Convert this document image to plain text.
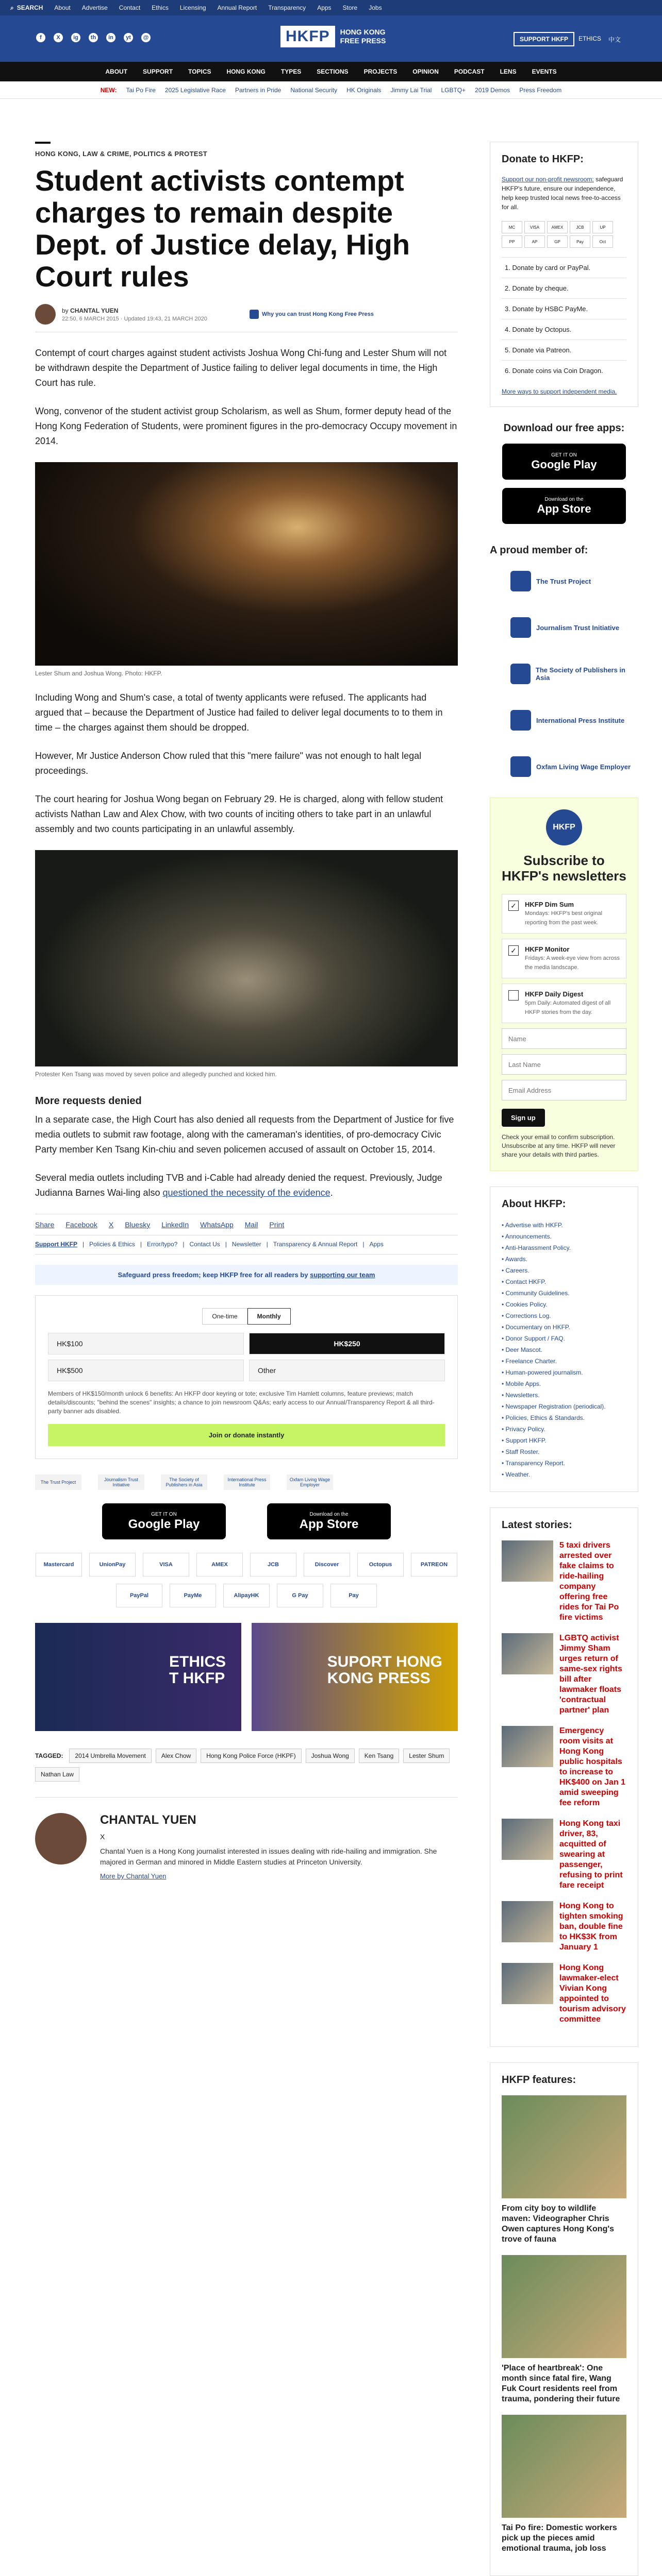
⌕ SEARCH About Advertise Contact Ethics Licensing Annual Report Transparency Apps Store Jobs
f	X	ig	th	in	yt	@	HKFP	HONG KONG
FREE PRESS	SUPPORT HKFP	ETHICS 中文
ABOUT	SUPPORT	TOPICS	HONG KONG	TYPES	SECTIONS	PROJECTS	OPINION	PODCAST	LENS	EVENTS
NEW: Tai Po Fire 2025 Legislative Race Partners in Pride National Security HK Originals Jimmy Lai Trial LGBTQ+ 2019 Demos Press Freedom
HONG KONG, LAW & CRIME, POLITICS & PROTEST
Student activists contempt charges to remain despite Dept. of Justice delay, High Court rules
by CHANTAL YUEN
22:50, 6 MARCH 2015 · Updated 19:43, 21 MARCH 2020
Why you can trust Hong Kong Free Press

Contempt of court charges against student activists Joshua Wong Chi-fung and Lester Shum will not be withdrawn despite the Department of Justice failing to deliver legal documents in time, the High Court has rule.

Wong, convenor of the student activist group Scholarism, as well as Shum, former deputy head of the Hong Kong Federation of Students, were prominent figures in the pro-democracy Occupy movement in 2014.

Lester Shum and Joshua Wong. Photo: HKFP.

Including Wong and Shum's case, a total of twenty applicants were refused. The applicants had argued that – because the Department of Justice had failed to deliver legal documents to to them in time – the charges against them should be dropped.

However, Mr Justice Anderson Chow ruled that this "mere failure" was not enough to halt legal proceedings.

The court hearing for Joshua Wong began on February 29. He is charged, along with fellow student activists Nathan Law and Alex Chow, with two counts of inciting others to take part in an unlawful assembly and two counts participating in an unlawful assembly.

Protester Ken Tsang was moved by seven police and allegedly punched and kicked him.
More requests denied

In a separate case, the High Court has also denied all requests from the Department of Justice for five media outlets to submit raw footage, along with the cameraman's identities, of pro-democracy Civic Party member Ken Tsang Kin-chiu and seven policemen accused of assault on October 15, 2014.

Several media outlets including TVB and i-Cable had already denied the request. Previously, Judge Judianna Barnes Wai-ling also questioned the necessity of the evidence.

Share Facebook X Bluesky LinkedIn WhatsApp Mail Print
Support HKFP | Policies & Ethics | Error/typo? | Contact Us | Newsletter | Transparency & Annual Report | Apps
Safeguard press freedom; keep HKFP free for all readers by supporting our team
One-time	Monthly
HK$100	HK$250
HK$500	Other
Members of HK$150/month unlock 6 benefits: An HKFP door keyring or tote; exclusive Tim Hamlett columns, feature previews; match details/discounts; "behind the scenes" insights; a chance to join newsroom Q&As; early access to our Annual/Transparency Report & all third-party banner ads disabled.
Join or donate instantly
The Trust Project	Journalism Trust Initiative
The Society of Publishers in Asia
International Press Institute
Oxfam Living Wage Employer
GET IT ON
Google Play
Download on the
App Store
Mastercard	UnionPay	VISA	AMEX	JCB	Discover	Octopus	PATREON
PayPal	PayMe	AlipayHK	G Pay	Pay
ETHICS
T HKFP
SUPORT HONG
KONG PRESS
TAGGED:	2014 Umbrella Movement	Alex Chow	Hong Kong Police Force (HKPF)	Joshua Wong	Ken Tsang	Lester Shum
Nathan Law
CHANTAL YUEN
X

Chantal Yuen is a Hong Kong journalist interested in issues dealing with ride-hailing and immigration. She majored in German and minored in Middle Eastern studies at Princeton University.

More by Chantal Yuen
Donate to HKFP:
Support our non-profit newsroom: safeguard HKFP's future, ensure our independence, help keep trusted local news free-to-access for all.
MC	VISA	AMEX	JCB	UP
PP	AP	GP	Pay	Oct
1. Donate by card or PayPal.
2. Donate by cheque.
3. Donate by HSBC PayMe.
4. Donate by Octopus.
5. Donate via Patreon.
6. Donate coins via Coin Dragon.
More ways to support independent media.
Download our free apps:
GET IT ON
Google Play
Download on the
App Store
A proud member of:
The Trust Project
Journalism Trust Initiative
The Society of Publishers in Asia
International Press Institute
Oxfam Living Wage Employer
HKFP
Subscribe to HKFP's newsletters
✓	HKFP Dim Sum
Mondays: HKFP's best original reporting from the past week.
✓	HKFP Monitor
Fridays: A week-eye view from across the media landscape.
HKFP Daily Digest
5pm Daily: Automated digest of all HKFP stories from the day.
Name
Last Name
Email Address
Sign up
Check your email to confirm subscription. Unsubscribe at any time. HKFP will never share your details with third parties.
About HKFP:
• Advertise with HKFP.
• Announcements.
• Anti-Harassment Policy.
• Awards.
• Careers.
• Contact HKFP.
• Community Guidelines.
• Cookies Policy.
• Corrections Log.
• Documentary on HKFP.
• Donor Support / FAQ.
• Deer Mascot.
• Freelance Charter.
• Human-powered journalism.
• Mobile Apps.
• Newsletters.
• Newspaper Registration (periodical).
• Policies, Ethics & Standards.
• Privacy Policy.
• Support HKFP.
• Staff Roster.
• Transparency Report.
• Weather.
Latest stories:
5 taxi drivers arrested over fake claims to ride-hailing company offering free rides for Tai Po fire victims
LGBTQ activist Jimmy Sham urges return of same-sex rights bill after lawmaker floats 'contractual partner' plan
Emergency room visits at Hong Kong public hospitals to increase to HK$400 on Jan 1 amid sweeping fee reform
Hong Kong taxi driver, 83, acquitted of swearing at passenger, refusing to print fare receipt
Hong Kong to tighten smoking ban, double fine to HK$3K from January 1
Hong Kong lawmaker-elect Vivian Kong appointed to tourism advisory committee
HKFP features:
From city boy to wildlife maven: Videographer Chris Owen captures Hong Kong's trove of fauna
'Place of heartbreak': One month since fatal fire, Wang Fuk Court residents reel from trauma, pondering their future
Tai Po fire: Domestic workers pick up the pieces amid emotional trauma, job loss
